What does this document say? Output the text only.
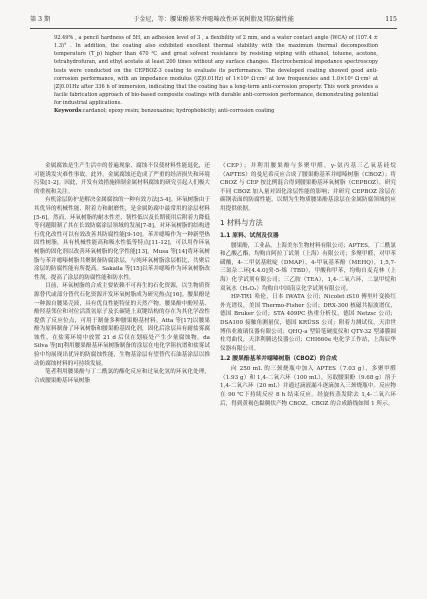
第 3 期	于金尼，等：腰果酚基苯并噁嗪改性环氧树脂及其防腐性能	115

92.49% , a pencil hardness of 5H, an adhesion level of 3 , a flexibility of 2 mm, and a water contact angle (WCA) of (107.4 ± 1.3)° . In addition, the coating also exhibited excellent thermal stability with the maximum thermal decomposition temperature (T_p) higher than 470 ℃ and great solvent resistance by resisting wiping with ethanol, toluene, acetone, tetrahydrofuran, and ethyl acetate at least 200 times without any surface changes. Electrochemical impedance spectroscopy tests were conducted on the CEPBOZ-3 coating to evaluate its performance. The developed coating showed good anti-corrosion performance, with an impedance modulus (|Z|0.01Hz) of 1×10⁸ Ω·cm² at low frequencies and 1.0×10⁸ Ω·cm² at |Z|0.01Hz after 336 h of immersion, indicating that the coating has a long-term anti-corrosion property. This work provides a facile fabrication approach of bio-based composite coatings with durable anti-corrosion performance, demonstrating potential for industrial applications.

Keywords:cardanol; epoxy resin; benzoxazine; hydrophobicity; anti-corrosion coating

金属腐蚀是生产生活中的普遍现象，腐蚀不仅使材料性能退化，还可能诱发灾难性事故。此外，金属腐蚀还造成了严重的经济损失和环境污染[1-2]。因此，开发有效措施抑制金属材料腐蚀的研究引起人们极大的重视和关注。

有机涂层防护是解决金属腐蚀的一种有效方法[3-4]。环氧树脂由于其优异的机械性能、附着力和耐磨性，是金属防腐中最常用的涂层材料[5-6]。然而，环氧树脂的耐水性差，韧性低以及长期使用后附着力降低等问题限制了其在长效防腐涂层领域的发展[7-8]。对环氧树脂的结构进行优化改性可以有效改善其防腐性能[9-10]。苯并噁嗪作为一种新型热固性树脂，具有机械性能高和吸水性低等特点[11-12]，可以用作环氧树脂的固化剂以改善环氧树脂的化学性能[13]。Musa 等[14]将环氧树脂与苯并噁嗪树脂共聚制备防腐涂层，与纯环氧树脂涂层相比，共聚后涂层的防腐性能有所提高。Sakaila 等[15]以苯并噁嗪作为环氧树脂改性剂，提高了涂层的防腐性能和防水性。

目前，环氧树脂的合成主要依赖不可再生的石化资源，以生物质资源替代或部分替代石化资源开发环氧树脂成为研究热点[16]。腰果酚是一种源自腰果壳液，具有优良性能特征的天然产物。腰果酚中酚羟基、酚羟基邻位和对位活泼氢原子及长碳链上双键结构的存在为其化学改性提供了反应位点，可用于制备多种腰果酚基材料。Atta 等[17]以腰果酚为原料制备了环氧树脂和腰果酚基固化剂，固化后涂层具有耐盐雾腐蚀性，在盐雾环境中放置 21 d 后仅在划痕处产生少量腐蚀物。da Silva 等[8]利用腰果酚基环氧树脂制备的涂层在电化学阻抗谱和盐雾试验中均展现出优异的防腐蚀性能，生物基涂层有望替代石油基涂层以推动防腐蚀材料的可持续发展。

笔者利用腰果酚与丁二酰氯的酯化反应和过氧化氢的环氧化处理，合成腰果酚基环氧树脂

（CEP）；并利用腰果酚与多聚甲醛，γ-氨丙基三乙氧基硅烷（APTES）的曼尼希反应合成了腰果酚基苯并噁嗪树脂（CBOZ）；将 CBOZ 与 CEP 按比例混合得到腰果酚基环氧树脂（CEPBOZ），研究不同 CBOZ 加入量对固化涂层性能的影响；并研究 CEPBOZ 涂层在碳钢表面的防腐性能，以期为生物质腰果酚基涂层在金属防腐领域的应用提供依据。

1 材料与方法
1.1 原料、试剂及仪器

腰果酚，工业品，上海美东生物材料有限公司；APTES，丁二酰氯和乙酸乙酯，均购自阿拉丁试剂（上海）有限公司；多聚甲醛，对甲苯磺酸，4-二甲氨基吡啶（DMAP），4-甲氧基苯酚（MEHQ），1,5,7-三氮杂二环[4.4.0]癸-5-烯（TBD），甲酸和甲苯，均购自麦克林（上海）化学试剂有限公司；三乙胺（TEA），1,4-二氧六环，二氯甲烷和双氧水（H₂O₂）均购自中国南京化学试剂有限公司。

HP-TR1 哈伦，日本 IWATA 公司；Nicolet iS10 傅里叶变换红外光谱仪，美国 Thermo-Fisher 公司；DRX-300 核磁共振波谱仪，德国 Bruker 公司；STA 409PC 热重分析仪，德国 Netzsc 公司；DSA100 接触角测量仪，德国 KRÜSS 公司；附着力测试仪，天津世博伟业玻璃仪器有限公司；QHQ-a 型铅笔硬度仪和 QTY-32 型漆膜圆柱弯曲仪，天津利腾达仪器公司；CHI660e 电化学工作站，上海辰华仪器有限公司。

1.2 腰果酚基苯并噁嗪树脂（CBOZ）的合成

向 250 mL 的三颈烧瓶中加入 APTES（7.03 g），多聚甲醛（1.93 g）和 1,4-二氧六环（100 mL），另取腰果酚（9.68 g）溶于 1,4-二氧六环（20 mL）并通过滴液漏斗逐滴加入三颈烧瓶中。反应物在 90 ℃下持续反应 8 h 结束反应。经旋转蒸发除去 1,4-二氧六环后，得到黄褐色黏稠状产物 CBOZ。CBOZ 的合成路线如图 1 所示。
